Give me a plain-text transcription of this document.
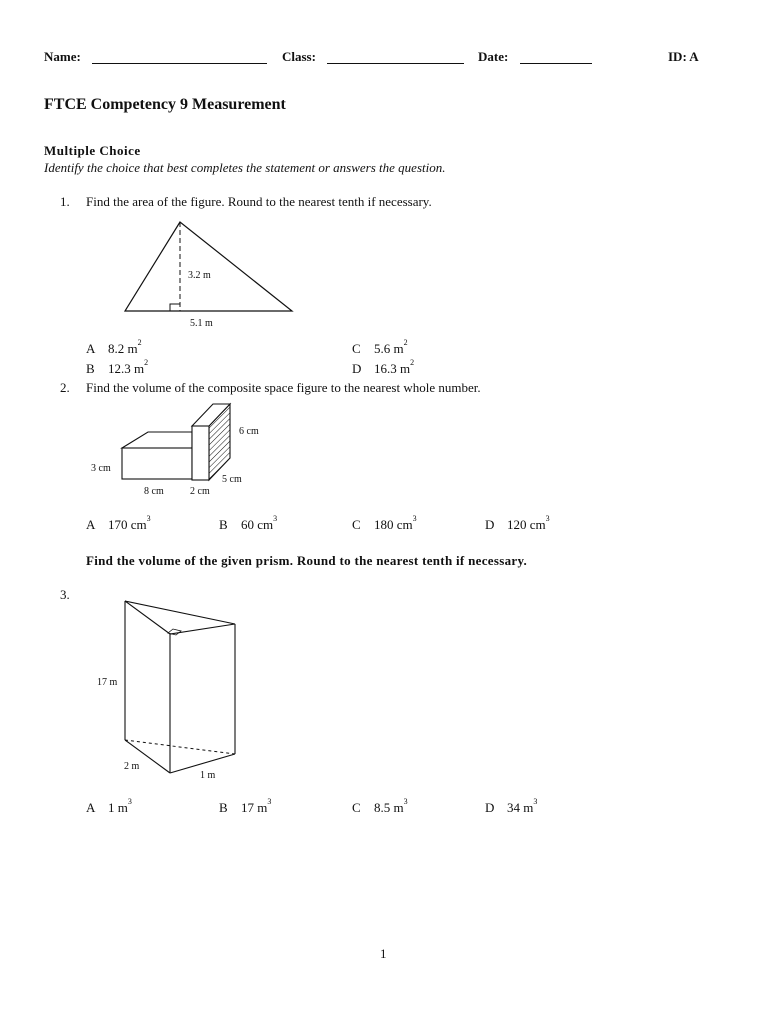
Name:	Class:	Date:	ID: A
FTCE Competency 9 Measurement
Multiple Choice
Identify the choice that best completes the statement or answers the question.
1. Find the area of the figure. Round to the nearest tenth if necessary.
3.2 m
5.1 m
A 8.2 $m^2$
B 12.3 $m^2$
C 5.6 $m^2$
D 16.3 $m^2$
2. Find the volume of the composite space figure to the nearest whole number.
6 cm
3 cm
5 cm
8 cm	2 cm
A 170 $cm^3$	B 60 $cm^3$	C 180 $cm^3$	D 120 $cm^3$
Find the volume of the given prism. Round to the nearest tenth if necessary.
3.
17 m
2 m
1 m
A 1 $m^3$	B 17 $m^3$	C 8.5 $m^3$	D 34 $m^3$
1
